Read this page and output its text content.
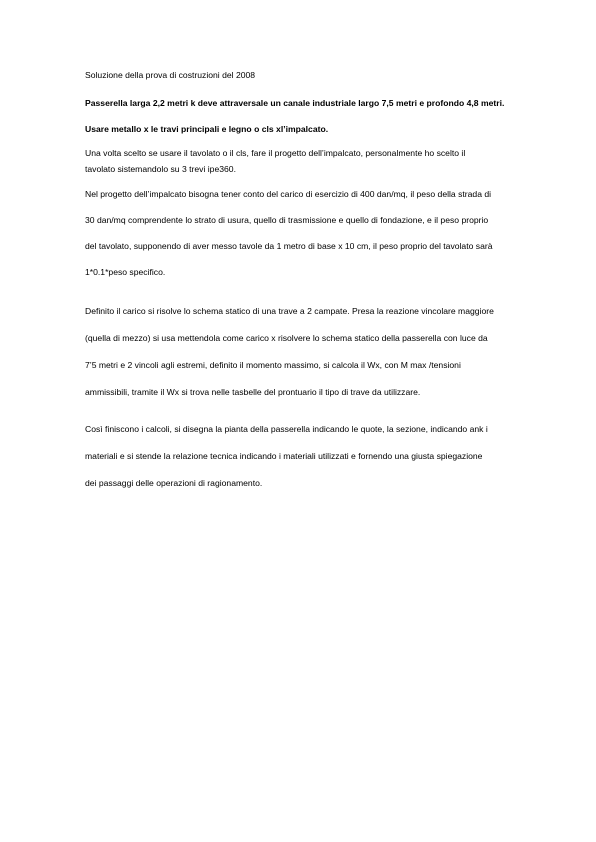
Soluzione della prova di costruzioni del 2008
Passerella larga 2,2 metri k deve attraversale un canale industriale largo 7,5 metri e profondo 4,8 metri.
Usare metallo x le travi principali e legno o cls xl’impalcato.
Una volta scelto se usare il tavolato o il cls, fare il progetto dell’impalcato, personalmente ho scelto il
tavolato sistemandolo su 3 trevi ipe360.
Nel progetto dell’impalcato bisogna tener conto del carico di esercizio di 400 dan/mq, il peso della strada di
30 dan/mq comprendente lo strato di usura, quello di trasmissione e quello di fondazione, e il peso proprio
del tavolato, supponendo di aver messo tavole da 1 metro di base x 10 cm, il peso proprio del tavolato sarà
1*0.1*peso specifico.
Definito il carico si risolve lo schema statico di una trave a 2 campate. Presa la reazione vincolare maggiore
(quella di mezzo) si usa mettendola come carico x risolvere lo schema statico della passerella con luce da
7’5 metri e 2 vincoli agli estremi, definito il momento massimo, si calcola il Wx, con M max /tensioni
ammissibili, tramite il Wx si trova nelle tasbelle del prontuario il tipo di trave da utilizzare.
Così finiscono i calcoli, si disegna la pianta della passerella indicando le quote, la sezione, indicando ank i
materiali e si stende la relazione tecnica indicando i materiali utilizzati e fornendo una giusta spiegazione
dei passaggi delle operazioni di ragionamento.
